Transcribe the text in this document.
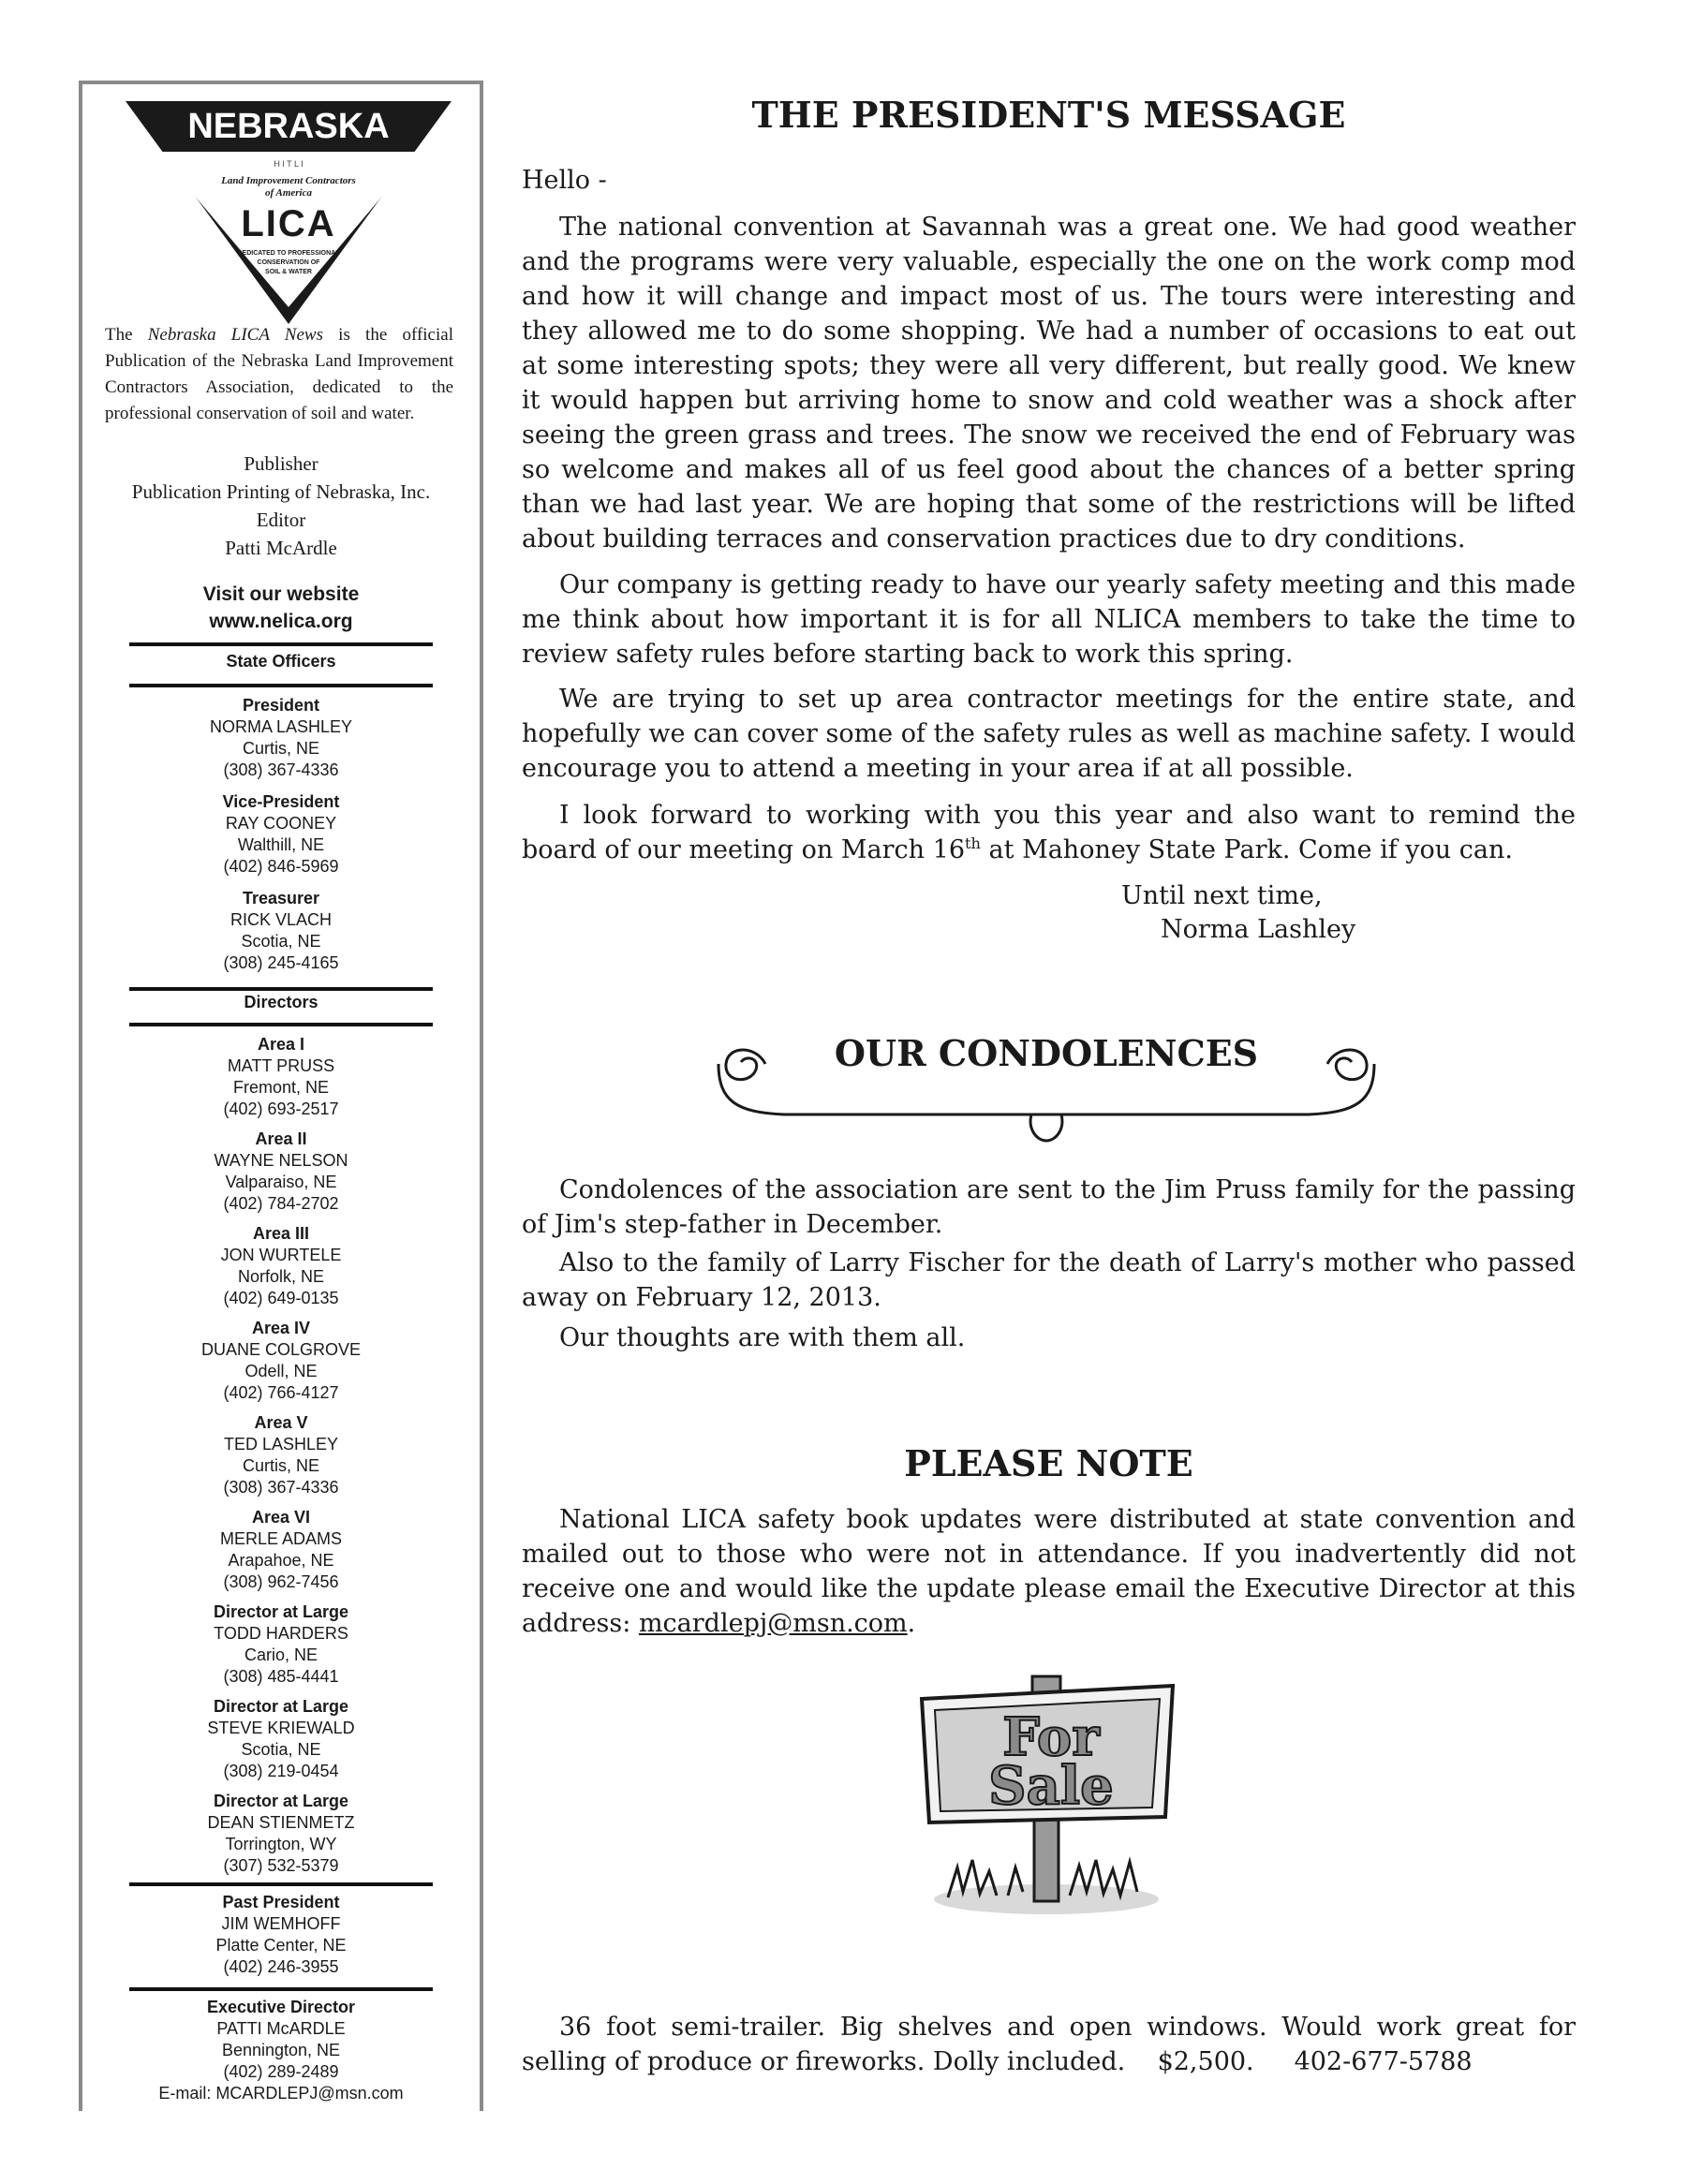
NEBRASKA
H I T L I
Land Improvement Contractors
of America
LICA
DEDICATED TO PROFESSIONAL
CONSERVATION OF
SOIL & WATER

The Nebraska LICA News is the official Publication of the Nebraska Land Improvement Contractors Association, dedicated to the professional conservation of soil and water.

Publisher
Publication Printing of Nebraska, Inc.
Editor
Patti McArdle
Visit our website
www.nelica.org
State Officers
President
NORMA LASHLEY
Curtis, NE
(308) 367-4336
Vice-President
RAY COONEY
Walthill, NE
(402) 846-5969
Treasurer
RICK VLACH
Scotia, NE
(308) 245-4165
Directors
Area I
MATT PRUSS
Fremont, NE
(402) 693-2517
Area II
WAYNE NELSON
Valparaiso, NE
(402) 784-2702
Area III
JON WURTELE
Norfolk, NE
(402) 649-0135
Area IV
DUANE COLGROVE
Odell, NE
(402) 766-4127
Area V
TED LASHLEY
Curtis, NE
(308) 367-4336
Area VI
MERLE ADAMS
Arapahoe, NE
(308) 962-7456
Director at Large
TODD HARDERS
Cario, NE
(308) 485-4441
Director at Large
STEVE KRIEWALD
Scotia, NE
(308) 219-0454
Director at Large
DEAN STIENMETZ
Torrington, WY
(307) 532-5379
Past President
JIM WEMHOFF
Platte Center, NE
(402) 246-3955
Executive Director
PATTI McARDLE
Bennington, NE
(402) 289-2489
E-mail: MCARDLEPJ@msn.com
THE PRESIDENT'S MESSAGE

Hello -

The national convention at Savannah was a great one. We had good weather and the programs were very valuable, especially the one on the work comp mod and how it will change and impact most of us. The tours were interesting and they allowed me to do some shopping. We had a number of occasions to eat out at some interesting spots; they were all very different, but really good. We knew it would happen but arriving home to snow and cold weather was a shock after seeing the green grass and trees. The snow we received the end of February was so welcome and makes all of us feel good about the chances of a better spring than we had last year. We are hoping that some of the restrictions will be lifted about building terraces and conservation practices due to dry conditions.

Our company is getting ready to have our yearly safety meeting and this made me think about how important it is for all NLICA members to take the time to review safety rules before starting back to work this spring.

We are trying to set up area contractor meetings for the entire state, and hopefully we can cover some of the safety rules as well as machine safety. I would encourage you to attend a meeting in your area if at all possible.

I look forward to working with you this year and also want to remind the board of our meeting on March 16th at Mahoney State Park. Come if you can.

Until next time,
Norma Lashley
OUR CONDOLENCES

Condolences of the association are sent to the Jim Pruss family for the passing of Jim's step-father in December.

Also to the family of Larry Fischer for the death of Larry's mother who passed away on February 12, 2013.

Our thoughts are with them all.

PLEASE NOTE

National LICA safety book updates were distributed at state convention and mailed out to those who were not in attendance. If you inadvertently did not receive one and would like the update please email the Executive Director at this address: mcardlepj@msn.com.

For
Sale

36 foot semi-trailer. Big shelves and open windows. Would work great for selling of produce or fireworks. Dolly included. $2,500. 402-677-5788
